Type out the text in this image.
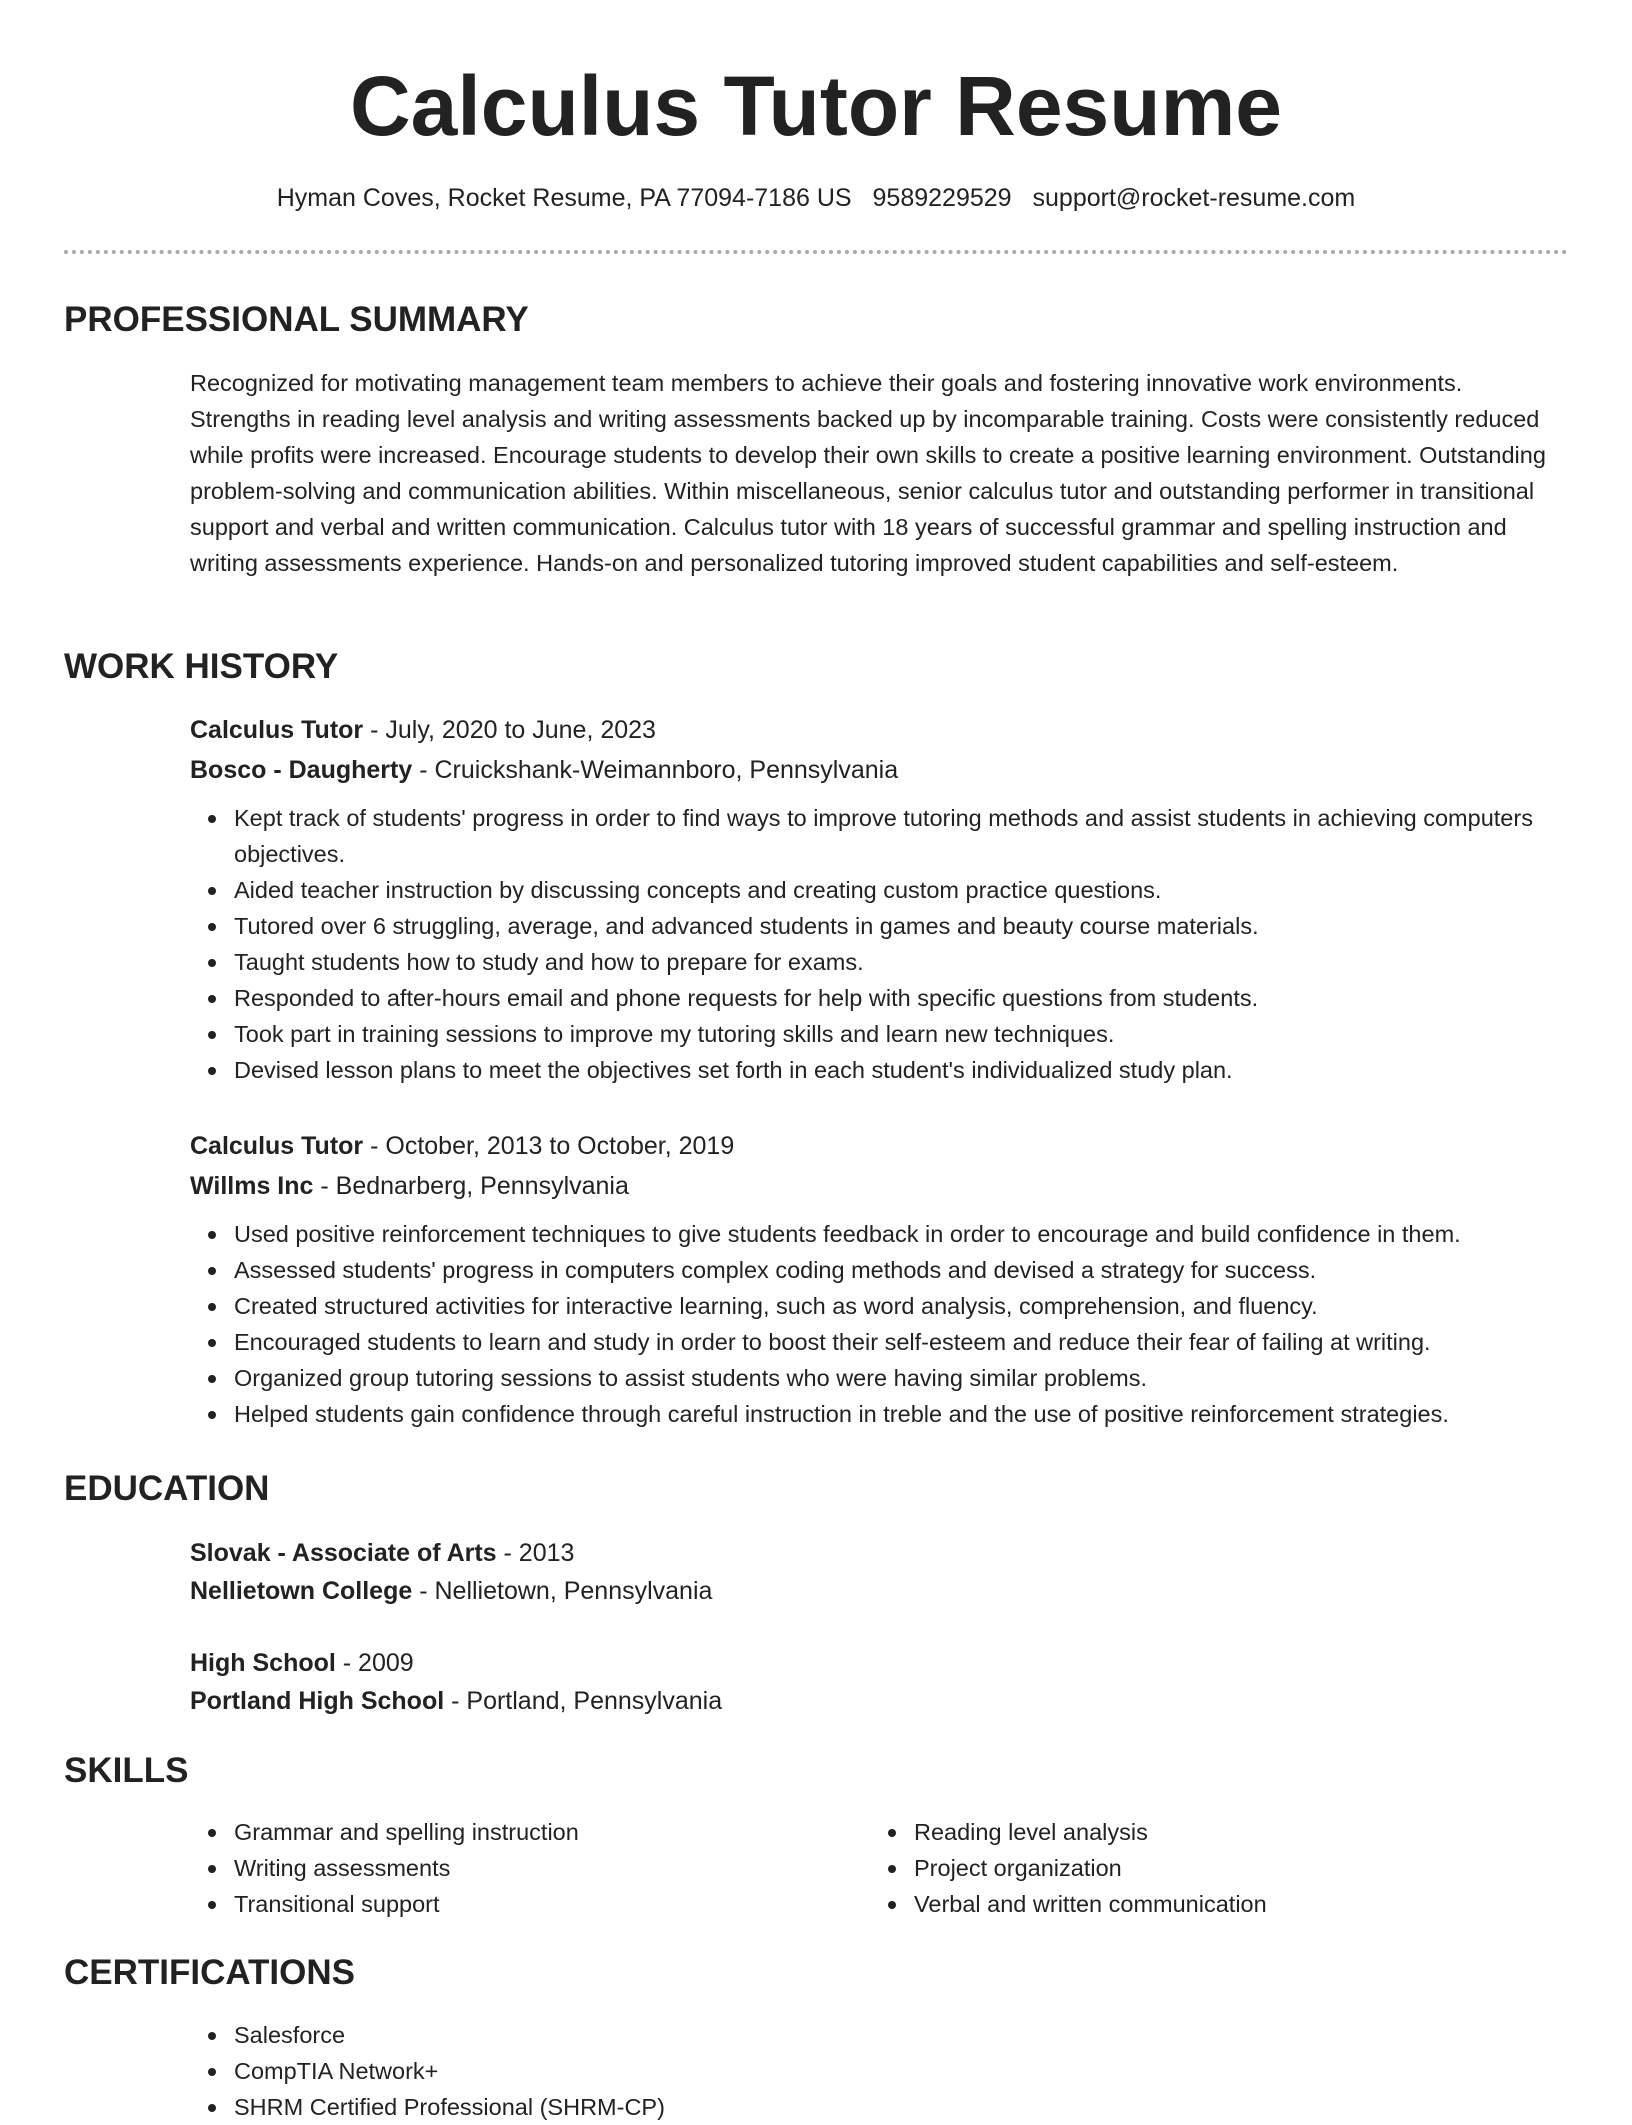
Calculus Tutor Resume
Hyman Coves, Rocket Resume, PA 77094-7186 US 9589229529 support@rocket-resume.com
PROFESSIONAL SUMMARY

Recognized for motivating management team members to achieve their goals and fostering innovative work environments. Strengths in reading level analysis and writing assessments backed up by incomparable training. Costs were consistently reduced while profits were increased. Encourage students to develop their own skills to create a positive learning environment. Outstanding problem-solving and communication abilities. Within miscellaneous, senior calculus tutor and outstanding performer in transitional support and verbal and written communication. Calculus tutor with 18 years of successful grammar and spelling instruction and writing assessments experience. Hands-on and personalized tutoring improved student capabilities and self-esteem.

WORK HISTORY

Calculus Tutor - July, 2020 to June, 2023

Bosco - Daugherty - Cruickshank-Weimannboro, Pennsylvania

Kept track of students' progress in order to find ways to improve tutoring methods and assist students in achieving computers objectives.
Aided teacher instruction by discussing concepts and creating custom practice questions.
Tutored over 6 struggling, average, and advanced students in games and beauty course materials.
Taught students how to study and how to prepare for exams.
Responded to after-hours email and phone requests for help with specific questions from students.
Took part in training sessions to improve my tutoring skills and learn new techniques.
Devised lesson plans to meet the objectives set forth in each student's individualized study plan.

Calculus Tutor - October, 2013 to October, 2019

Willms Inc - Bednarberg, Pennsylvania

Used positive reinforcement techniques to give students feedback in order to encourage and build confidence in them.
Assessed students' progress in computers complex coding methods and devised a strategy for success.
Created structured activities for interactive learning, such as word analysis, comprehension, and fluency.
Encouraged students to learn and study in order to boost their self-esteem and reduce their fear of failing at writing.
Organized group tutoring sessions to assist students who were having similar problems.
Helped students gain confidence through careful instruction in treble and the use of positive reinforcement strategies.
EDUCATION

Slovak - Associate of Arts - 2013

Nellietown College - Nellietown, Pennsylvania

High School - 2009

Portland High School - Portland, Pennsylvania

SKILLS
Grammar and spelling instruction
Writing assessments
Transitional support
Reading level analysis
Project organization
Verbal and written communication
CERTIFICATIONS
Salesforce
CompTIA Network+
SHRM Certified Professional (SHRM-CP)
